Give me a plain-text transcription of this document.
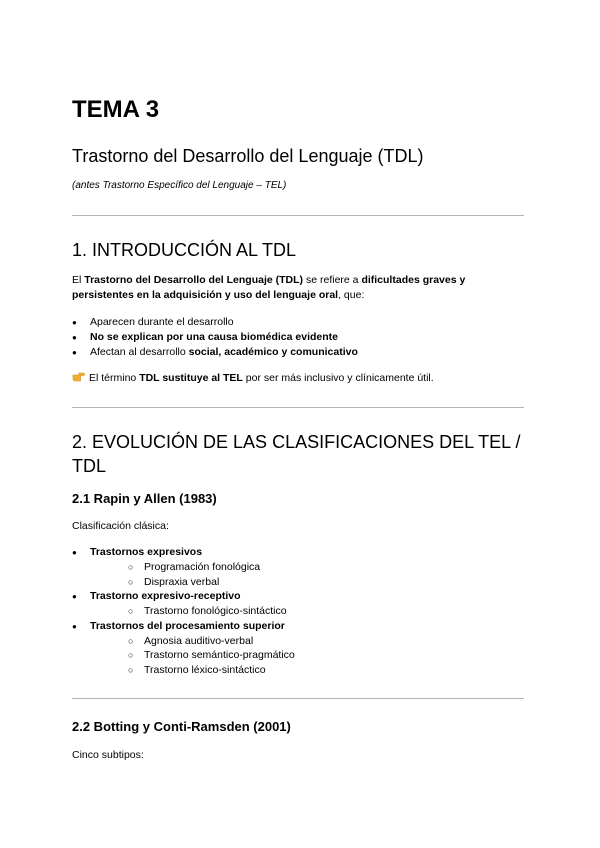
TEMA 3
Trastorno del Desarrollo del Lenguaje (TDL)

(antes Trastorno Específico del Lenguaje – TEL)

1. INTRODUCCIÓN AL TDL

El Trastorno del Desarrollo del Lenguaje (TDL) se refiere a dificultades graves y persistentes en la adquisición y uso del lenguaje oral, que:

● Aparecen durante el desarrollo
● No se explican por una causa biomédica evidente
● Afectan al desarrollo social, académico y comunicativo

El término TDL sustituye al TEL por ser más inclusivo y clínicamente útil.

2. EVOLUCIÓN DE LAS CLASIFICACIONES DEL TEL /
TDL
2.1 Rapin y Allen (1983)

Clasificación clásica:

● Trastornos expresivos
○ Programación fonológica
○ Dispraxia verbal
● Trastorno expresivo-receptivo
○ Trastorno fonológico-sintáctico
● Trastornos del procesamiento superior
○ Agnosia auditivo-verbal
○ Trastorno semántico-pragmático
○ Trastorno léxico-sintáctico
2.2 Botting y Conti-Ramsden (2001)

Cinco subtipos:
